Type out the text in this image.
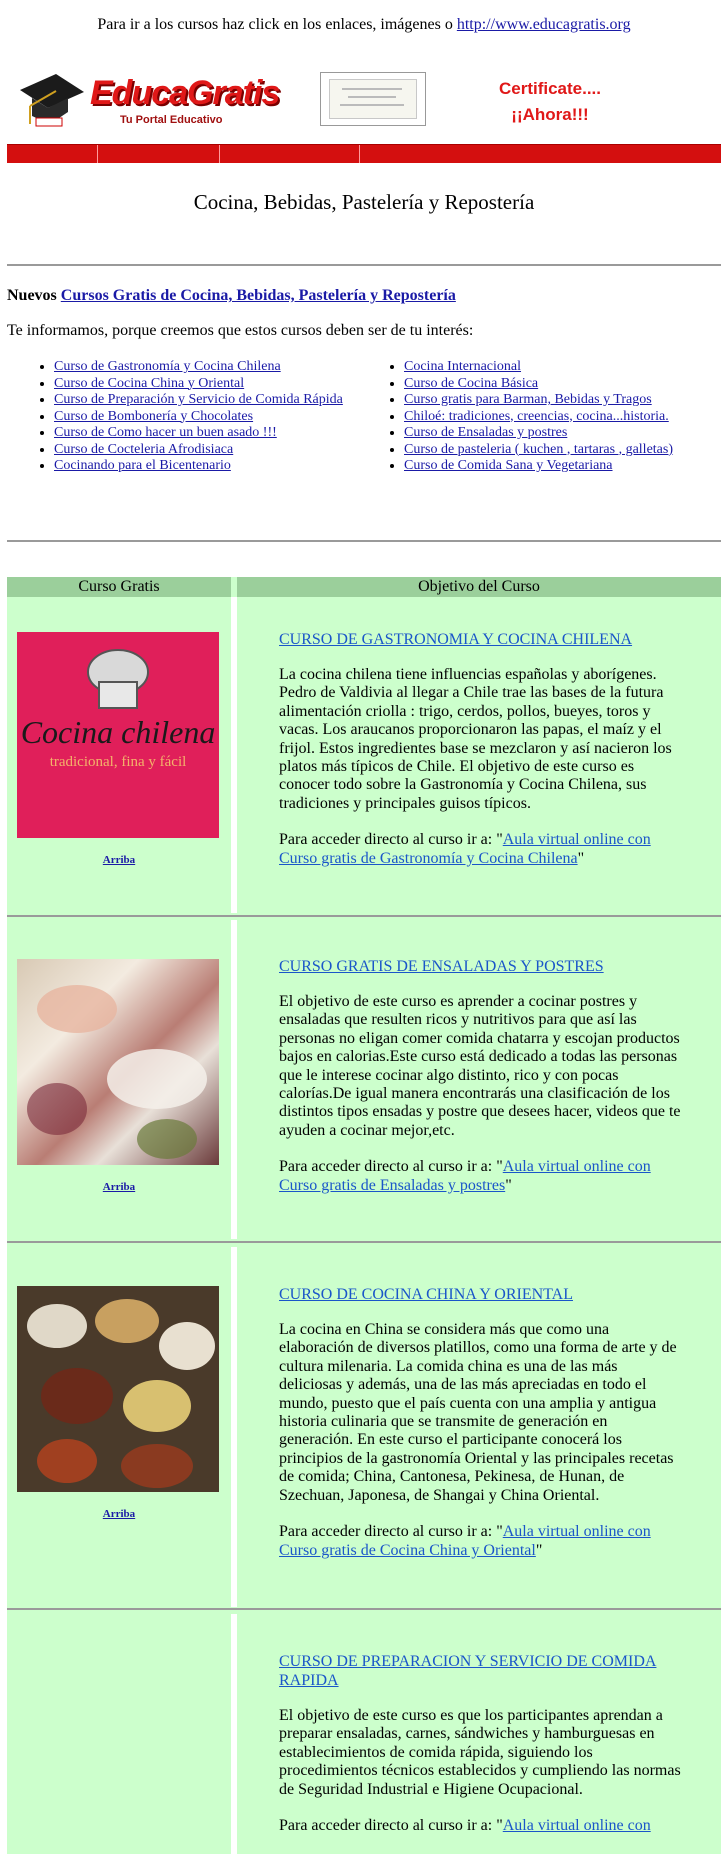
Para ir a los cursos haz click en los enlaces, imágenes o http://www.educagratis.org
EducaGratis
Tu Portal Educativo
Certificate....
¡¡Ahora!!!
Cocina, Bebidas, Pastelería y Repostería
Nuevos Cursos Gratis de Cocina, Bebidas, Pastelería y Repostería
Te informamos, porque creemos que estos cursos deben ser de tu interés:
• Curso de Gastronomía y Cocina Chilena
• Curso de Cocina China y Oriental
• Curso de Preparación y Servicio de Comida Rápida
• Curso de Bombonería y Chocolates
• Curso de Como hacer un buen asado !!!
• Curso de Cocteleria Afrodisiaca
• Cocinando para el Bicentenario
• Cocina Internacional
• Curso de Cocina Básica
• Curso gratis para Barman, Bebidas y Tragos
• Chiloé: tradiciones, creencias, cocina...historia.
• Curso de Ensaladas y postres
• Curso de pasteleria ( kuchen , tartaras , galletas)
• Curso de Comida Sana y Vegetariana
Curso Gratis	Objetivo del Curso
Cocina chilena
tradicional, fina y fácil
Arriba
CURSO DE GASTRONOMIA Y COCINA CHILENA
La cocina chilena tiene influencias españolas y aborígenes. Pedro de Valdivia al llegar a Chile trae las bases de la futura alimentación criolla : trigo, cerdos, pollos, bueyes, toros y vacas. Los araucanos proporcionaron las papas, el maíz y el frijol. Estos ingredientes base se mezclaron y así nacieron los platos más típicos de Chile. El objetivo de este curso es conocer todo sobre la Gastronomía y Cocina Chilena, sus tradiciones y principales guisos típicos.
Para acceder directo al curso ir a: "Aula virtual online con Curso gratis de Gastronomía y Cocina Chilena"
Arriba
CURSO GRATIS DE ENSALADAS Y POSTRES
El objetivo de este curso es aprender a cocinar postres y ensaladas que resulten ricos y nutritivos para que así las personas no eligan comer comida chatarra y escojan productos bajos en calorias.Este curso está dedicado a todas las personas que le interese cocinar algo distinto, rico y con pocas calorías.De igual manera encontrarás una clasificación de los distintos tipos ensadas y postre que desees hacer, videos que te ayuden a cocinar mejor,etc.
Para acceder directo al curso ir a: "Aula virtual online con Curso gratis de Ensaladas y postres"
Arriba
CURSO DE COCINA CHINA Y ORIENTAL
La cocina en China se considera más que como una elaboración de diversos platillos, como una forma de arte y de cultura milenaria. La comida china es una de las más deliciosas y además, una de las más apreciadas en todo el mundo, puesto que el país cuenta con una amplia y antigua historia culinaria que se transmite de generación en generación. En este curso el participante conocerá los principios de la gastronomía Oriental y las principales recetas de comida; China, Cantonesa, Pekinesa, de Hunan, de Szechuan, Japonesa, de Shangai y China Oriental.
Para acceder directo al curso ir a: "Aula virtual online con Curso gratis de Cocina China y Oriental"
CURSO DE PREPARACION Y SERVICIO DE COMIDA RAPIDA
El objetivo de este curso es que los participantes aprendan a preparar ensaladas, carnes, sándwiches y hamburguesas en establecimientos de comida rápida, siguiendo los procedimientos técnicos establecidos y cumpliendo las normas de Seguridad Industrial e Higiene Ocupacional.
Para acceder directo al curso ir a: "Aula virtual online con
